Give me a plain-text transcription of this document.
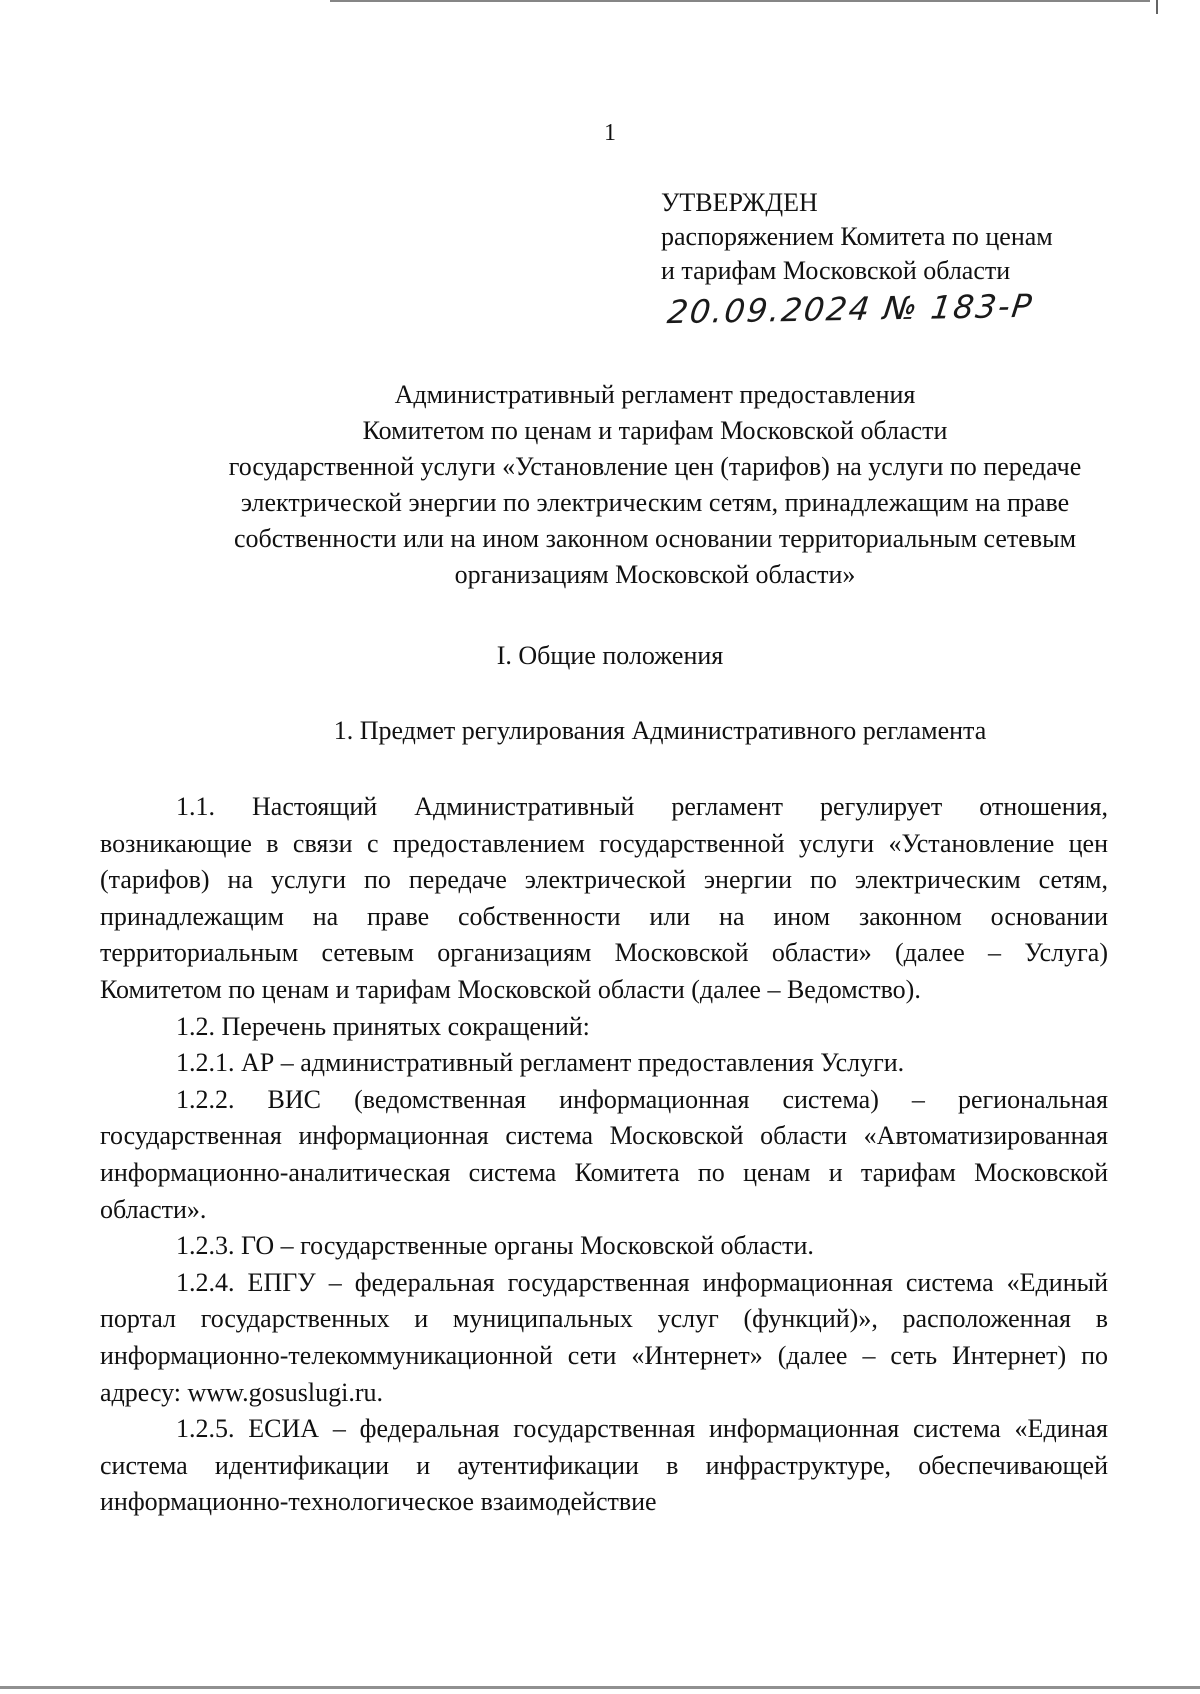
1
УТВЕРЖДЕН
распоряжением Комитета по ценам
и тарифам Московской области
20.09.2024 № 183-Р
Административный регламент предоставления
Комитетом по ценам и тарифам Московской области
государственной услуги «Установление цен (тарифов) на услуги по передаче
электрической энергии по электрическим сетям, принадлежащим на праве
собственности или на ином законном основании территориальным сетевым
организациям Московской области»
I. Общие положения
1. Предмет регулирования Административного регламента

1.1. Настоящий Административный регламент регулирует отношения, возникающие в связи с предоставлением государственной услуги «Установление цен (тарифов) на услуги по передаче электрической энергии по электрическим сетям, принадлежащим на праве собственности или на ином законном основании территориальным сетевым организациям Московской области» (далее – Услуга) Комитетом по ценам и тарифам Московской области (далее – Ведомство).

1.2. Перечень принятых сокращений:

1.2.1. АР – административный регламент предоставления Услуги.

1.2.2. ВИС (ведомственная информационная система) – региональная государственная информационная система Московской области «Автоматизированная информационно-аналитическая система Комитета по ценам и тарифам Московской области».

1.2.3. ГО – государственные органы Московской области.

1.2.4. ЕПГУ – федеральная государственная информационная система «Единый портал государственных и муниципальных услуг (функций)», расположенная в информационно-телекоммуникационной сети «Интернет» (далее – сеть Интернет) по адресу: www.gosuslugi.ru.

1.2.5. ЕСИА – федеральная государственная информационная система «Единая система идентификации и аутентификации в инфраструктуре, обеспечивающей информационно-технологическое взаимодействие
